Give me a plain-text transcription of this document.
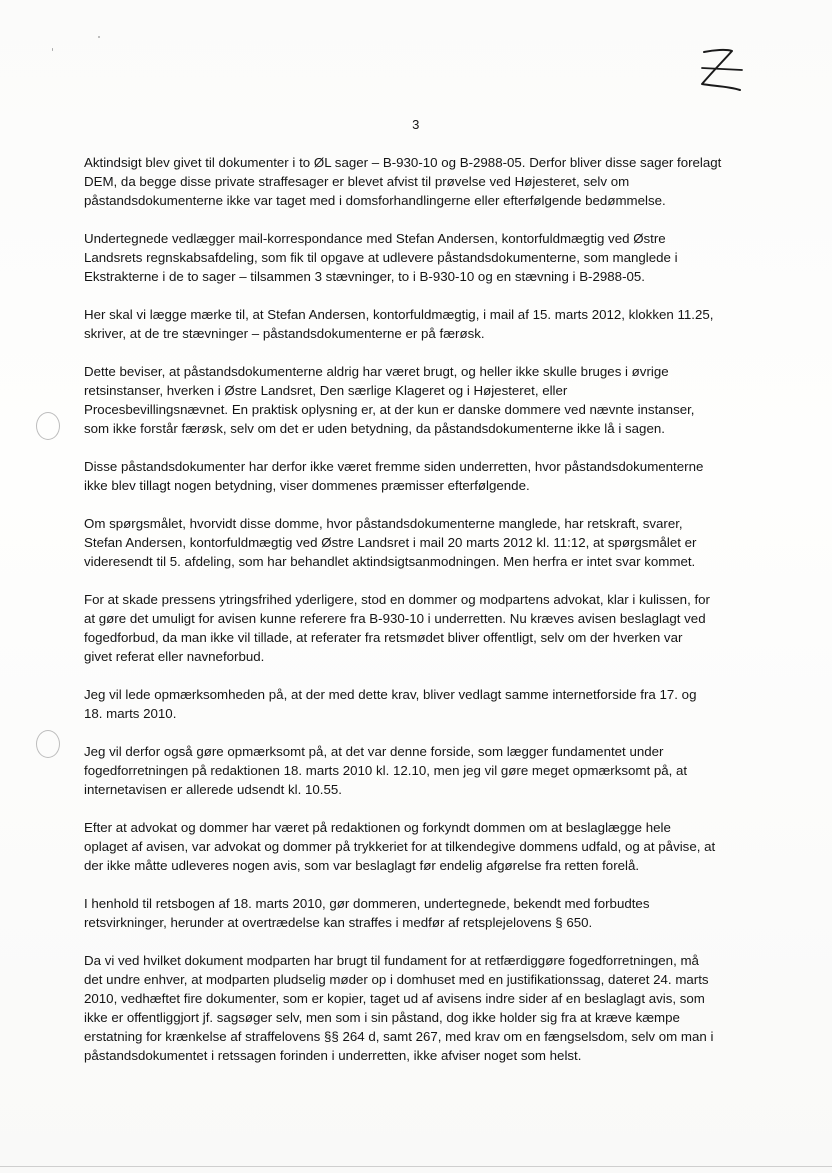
3

Aktindsigt blev givet til dokumenter i to ØL sager – B-930-10 og B-2988-05. Derfor bliver disse sager forelagt
DEM, da begge disse private straffesager er blevet afvist til prøvelse ved Højesteret, selv om
påstandsdokumenterne ikke var taget med i domsforhandlingerne eller efterfølgende bedømmelse.

Undertegnede vedlægger mail-korrespondance med Stefan Andersen, kontorfuldmægtig ved Østre
Landsrets regnskabsafdeling, som fik til opgave at udlevere påstandsdokumenterne, som manglede i
Ekstrakterne i de to sager – tilsammen 3 stævninger, to i B-930-10 og en stævning i B-2988-05.

Her skal vi lægge mærke til, at Stefan Andersen, kontorfuldmægtig, i mail af 15. marts 2012, klokken 11.25,
skriver, at de tre stævninger – påstandsdokumenterne er på færøsk.

Dette beviser, at påstandsdokumenterne aldrig har været brugt, og heller ikke skulle bruges i øvrige
retsinstanser, hverken i Østre Landsret, Den særlige Klageret og i Højesteret, eller
Procesbevillingsnævnet. En praktisk oplysning er, at der kun er danske dommere ved nævnte instanser,
som ikke forstår færøsk, selv om det er uden betydning, da påstandsdokumenterne ikke lå i sagen.

Disse påstandsdokumenter har derfor ikke været fremme siden underretten, hvor påstandsdokumenterne
ikke blev tillagt nogen betydning, viser dommenes præmisser efterfølgende.

Om spørgsmålet, hvorvidt disse domme, hvor påstandsdokumenterne manglede, har retskraft, svarer,
Stefan Andersen, kontorfuldmægtig ved Østre Landsret i mail 20 marts 2012 kl. 11:12, at spørgsmålet er
videresendt til 5. afdeling, som har behandlet aktindsigtsanmodningen. Men herfra er intet svar kommet.

For at skade pressens ytringsfrihed yderligere, stod en dommer og modpartens advokat, klar i kulissen, for
at gøre det umuligt for avisen kunne referere fra B-930-10 i underretten. Nu kræves avisen beslaglagt ved
fogedforbud, da man ikke vil tillade, at referater fra retsmødet bliver offentligt, selv om der hverken var
givet referat eller navneforbud.

Jeg vil lede opmærksomheden på, at der med dette krav, bliver vedlagt samme internetforside fra 17. og
18. marts 2010.

Jeg vil derfor også gøre opmærksomt på, at det var denne forside, som lægger fundamentet under
fogedforretningen på redaktionen 18. marts 2010 kl. 12.10, men jeg vil gøre meget opmærksomt på, at
internetavisen er allerede udsendt kl. 10.55.

Efter at advokat og dommer har været på redaktionen og forkyndt dommen om at beslaglægge hele
oplaget af avisen, var advokat og dommer på trykkeriet for at tilkendegive dommens udfald, og at påvise, at
der ikke måtte udleveres nogen avis, som var beslaglagt før endelig afgørelse fra retten forelå.

I henhold til retsbogen af 18. marts 2010, gør dommeren, undertegnede, bekendt med forbudtes
retsvirkninger, herunder at overtrædelse kan straffes i medfør af retsplejelovens § 650.

Da vi ved hvilket dokument modparten har brugt til fundament for at retfærdiggøre fogedforretningen, må
det undre enhver, at modparten pludselig møder op i domhuset med en justifikationssag, dateret 24. marts
2010, vedhæftet fire dokumenter, som er kopier, taget ud af avisens indre sider af en beslaglagt avis, som
ikke er offentliggjort jf. sagsøger selv, men som i sin påstand, dog ikke holder sig fra at kræve kæmpe
erstatning for krænkelse af straffelovens §§ 264 d, samt 267, med krav om en fængselsdom, selv om man i
påstandsdokumentet i retssagen forinden i underretten, ikke afviser noget som helst.
